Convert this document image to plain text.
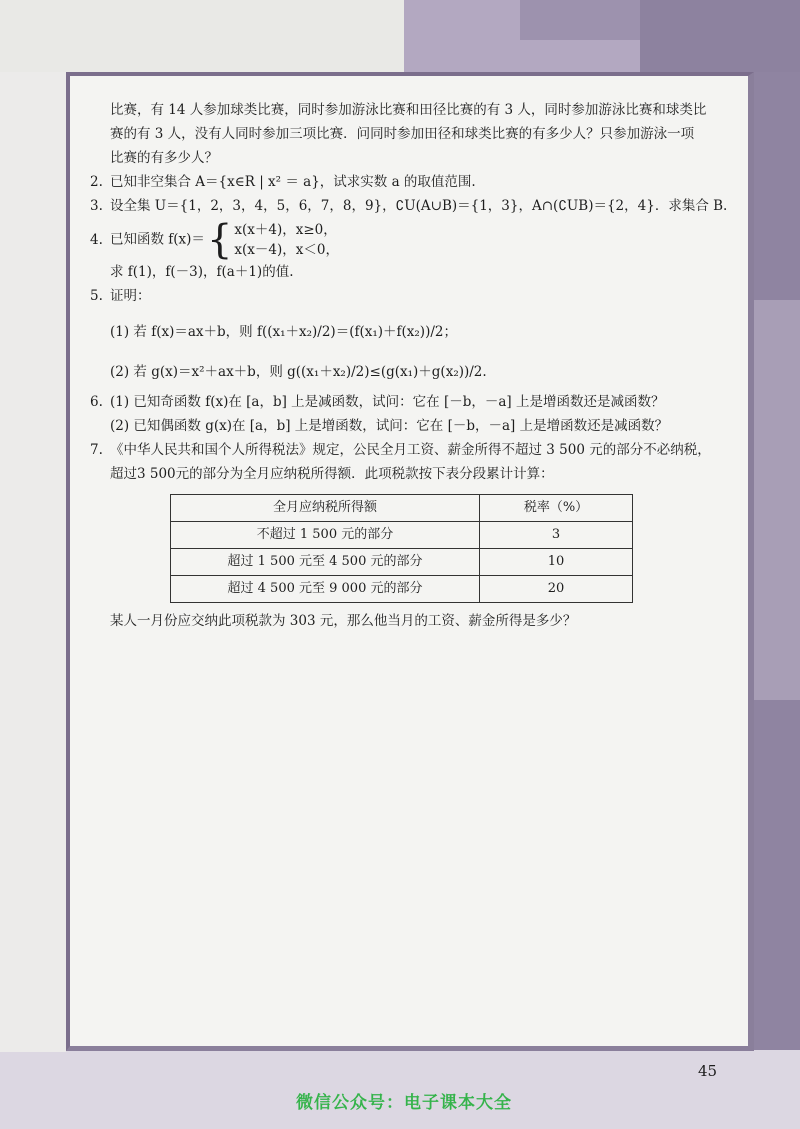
比赛，有 14 人参加球类比赛，同时参加游泳比赛和田径比赛的有 3 人，同时参加游泳比赛和球类比
赛的有 3 人，没有人同时参加三项比赛．问同时参加田径和球类比赛的有多少人？只参加游泳一项
比赛的有多少人？

2. 已知非空集合 A＝{x∈R | x² ＝ a}，试求实数 a 的取值范围.

3. 设全集 U＝{1，2，3，4，5，6，7，8，9}，∁U(A∪B)＝{1，3}，A∩(∁UB)＝{2，4}．求集合 B.

4. 已知函数 f(x)＝ { x(x＋4)，x≥0，
x(x－4)，x＜0，
求 f(1)，f(－3)，f(a＋1)的值.
5. 证明：
(1) 若 f(x)＝ax＋b，则 f((x₁＋x₂)/2)＝(f(x₁)＋f(x₂))/2；
(2) 若 g(x)＝x²＋ax＋b，则 g((x₁＋x₂)/2)≤(g(x₁)＋g(x₂))/2.
6. (1) 已知奇函数 f(x)在 [a，b] 上是减函数，试问：它在 [－b，－a] 上是增函数还是减函数？
(2) 已知偶函数 g(x)在 [a，b] 上是增函数，试问：它在 [－b，－a] 上是增函数还是减函数？
7. 《中华人民共和国个人所得税法》规定，公民全月工资、薪金所得不超过 3 500 元的部分不必纳税，
超过3 500元的部分为全月应纳税所得额．此项税款按下表分段累计计算：
全月应纳税所得额	税率（%）
不超过 1 500 元的部分	3
超过 1 500 元至 4 500 元的部分	10
超过 4 500 元至 9 000 元的部分	20
某人一月份应交纳此项税款为 303 元，那么他当月的工资、薪金所得是多少？
45
微信公众号：电子课本大全
